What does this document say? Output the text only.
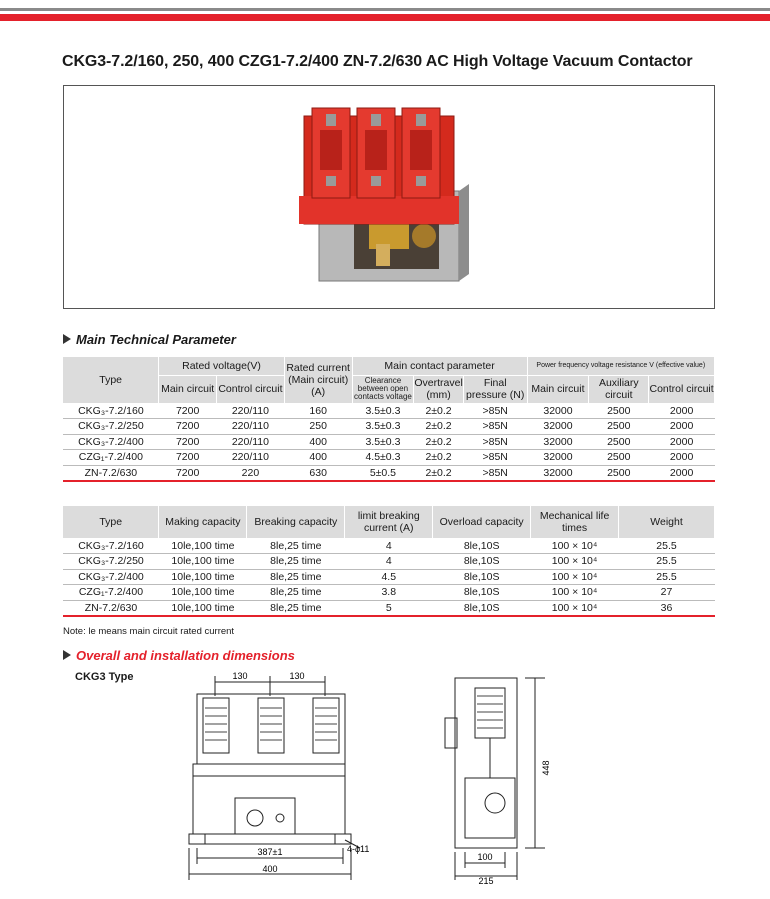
CKG3-7.2/160, 250, 400 CZG1-7.2/400 ZN-7.2/630 AC High Voltage Vacuum Contactor
Main Technical Parameter
Type	Rated voltage(V)		Rated current (Main circuit) (A)	Main contact parameter			Power frequency voltage resistance V (effective value)		
	Main circuit	Control circuit		Clearance between open contacts voltage	Overtravel (mm)	Final pressure (N)	Main circuit	Auxiliary circuit	Control circuit
CKG₃-7.2/160	7200	220/110	160	3.5±0.3	2±0.2	>85N	32000	2500	2000
CKG₃-7.2/250	7200	220/110	250	3.5±0.3	2±0.2	>85N	32000	2500	2000
CKG₃-7.2/400	7200	220/110	400	3.5±0.3	2±0.2	>85N	32000	2500	2000
CZG₁-7.2/400	7200	220/110	400	4.5±0.3	2±0.2	>85N	32000	2500	2000
ZN-7.2/630	7200	220	630	5±0.5	2±0.2	>85N	32000	2500	2000
Type	Making capacity	Breaking capacity	limit breaking current (A)	Overload capacity	Mechanical life times	Weight
CKG₃-7.2/160	10le,100 time	8le,25 time	4	8le,10S	100 × 10⁴	25.5
CKG₃-7.2/250	10le,100 time	8le,25 time	4	8le,10S	100 × 10⁴	25.5
CKG₃-7.2/400	10le,100 time	8le,25 time	4.5	8le,10S	100 × 10⁴	25.5
CZG₁-7.2/400	10le,100 time	8le,25 time	3.8	8le,10S	100 × 10⁴	27
ZN-7.2/630	10le,100 time	8le,25 time	5	8le,10S	100 × 10⁴	36
Note: le means main circuit rated current
Overall and installation dimensions
CKG3 Type	130	130
387±1
400
4-ϕ11
448
100
215
